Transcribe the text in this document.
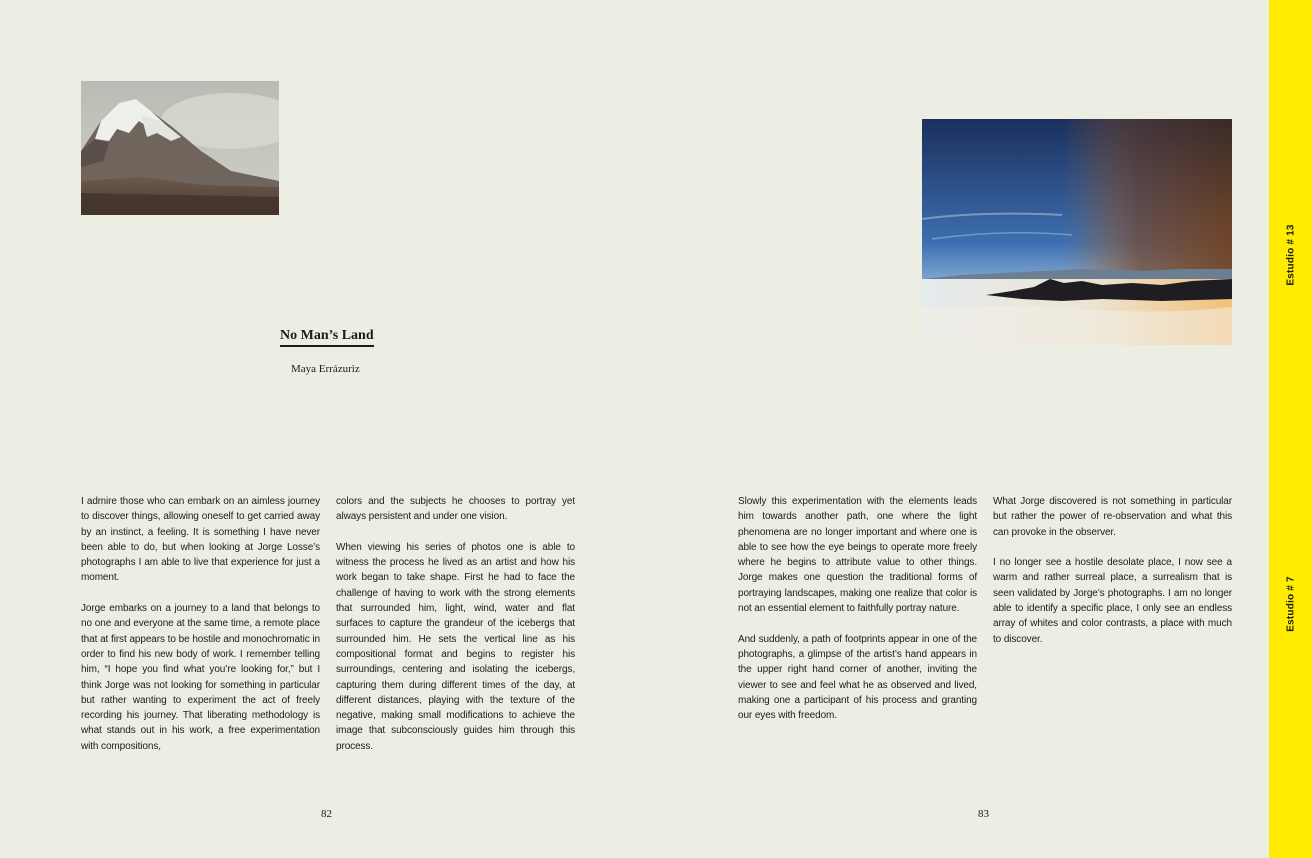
No Man’s Land
Maya Errázuriz

I admire those who can embark on an aimless journey to discover things, allowing oneself to get carried away by an instinct, a feeling. It is something I have never been able to do, but when looking at Jorge Losse’s photographs I am able to live that experience for just a moment.

Jorge embarks on a journey to a land that belongs to no one and everyone at the same time, a remote place that at first appears to be hostile and monochromatic in order to find his new body of work. I remember telling him, “I hope you find what you’re looking for,” but I think Jorge was not looking for something in particular but rather wanting to experiment the act of freely recording his journey. That liberating methodology is what stands out in his work, a free experimentation with compositions,

colors and the subjects he chooses to portray yet always persistent and under one vision.

When viewing his series of photos one is able to witness the process he lived as an artist and how his work began to take shape. First he had to face the challenge of having to work with the strong elements that surrounded him, light, wind, water and flat surfaces to capture the grandeur of the icebergs that surrounded him. He sets the vertical line as his compositional format and begins to register his surroundings, centering and isolating the icebergs, capturing them during different times of the day, at different distances, playing with the texture of the negative, making small modifications to achieve the image that subconsciously guides him through this process.

Slowly this experimentation with the elements leads him towards another path, one where the light phenomena are no longer important and where one is able to see how the eye beings to operate more freely where he begins to attribute value to other things. Jorge makes one question the traditional forms of portraying landscapes, making one realize that color is not an essential element to faithfully portray nature.

And suddenly, a path of footprints appear in one of the photographs, a glimpse of the artist’s hand appears in the upper right hand corner of another, inviting the viewer to see and feel what he as observed and lived, making one a participant of his process and granting our eyes with freedom.

What Jorge discovered is not something in particular but rather the power of re-observation and what this can provoke in the observer.

I no longer see a hostile desolate place, I now see a warm and rather surreal place, a surrealism that is seen validated by Jorge’s photographs. I am no longer able to identify a specific place, I only see an endless array of whites and color contrasts, a place with much to discover.

82	83
Estudio # 13
Estudio # 7
